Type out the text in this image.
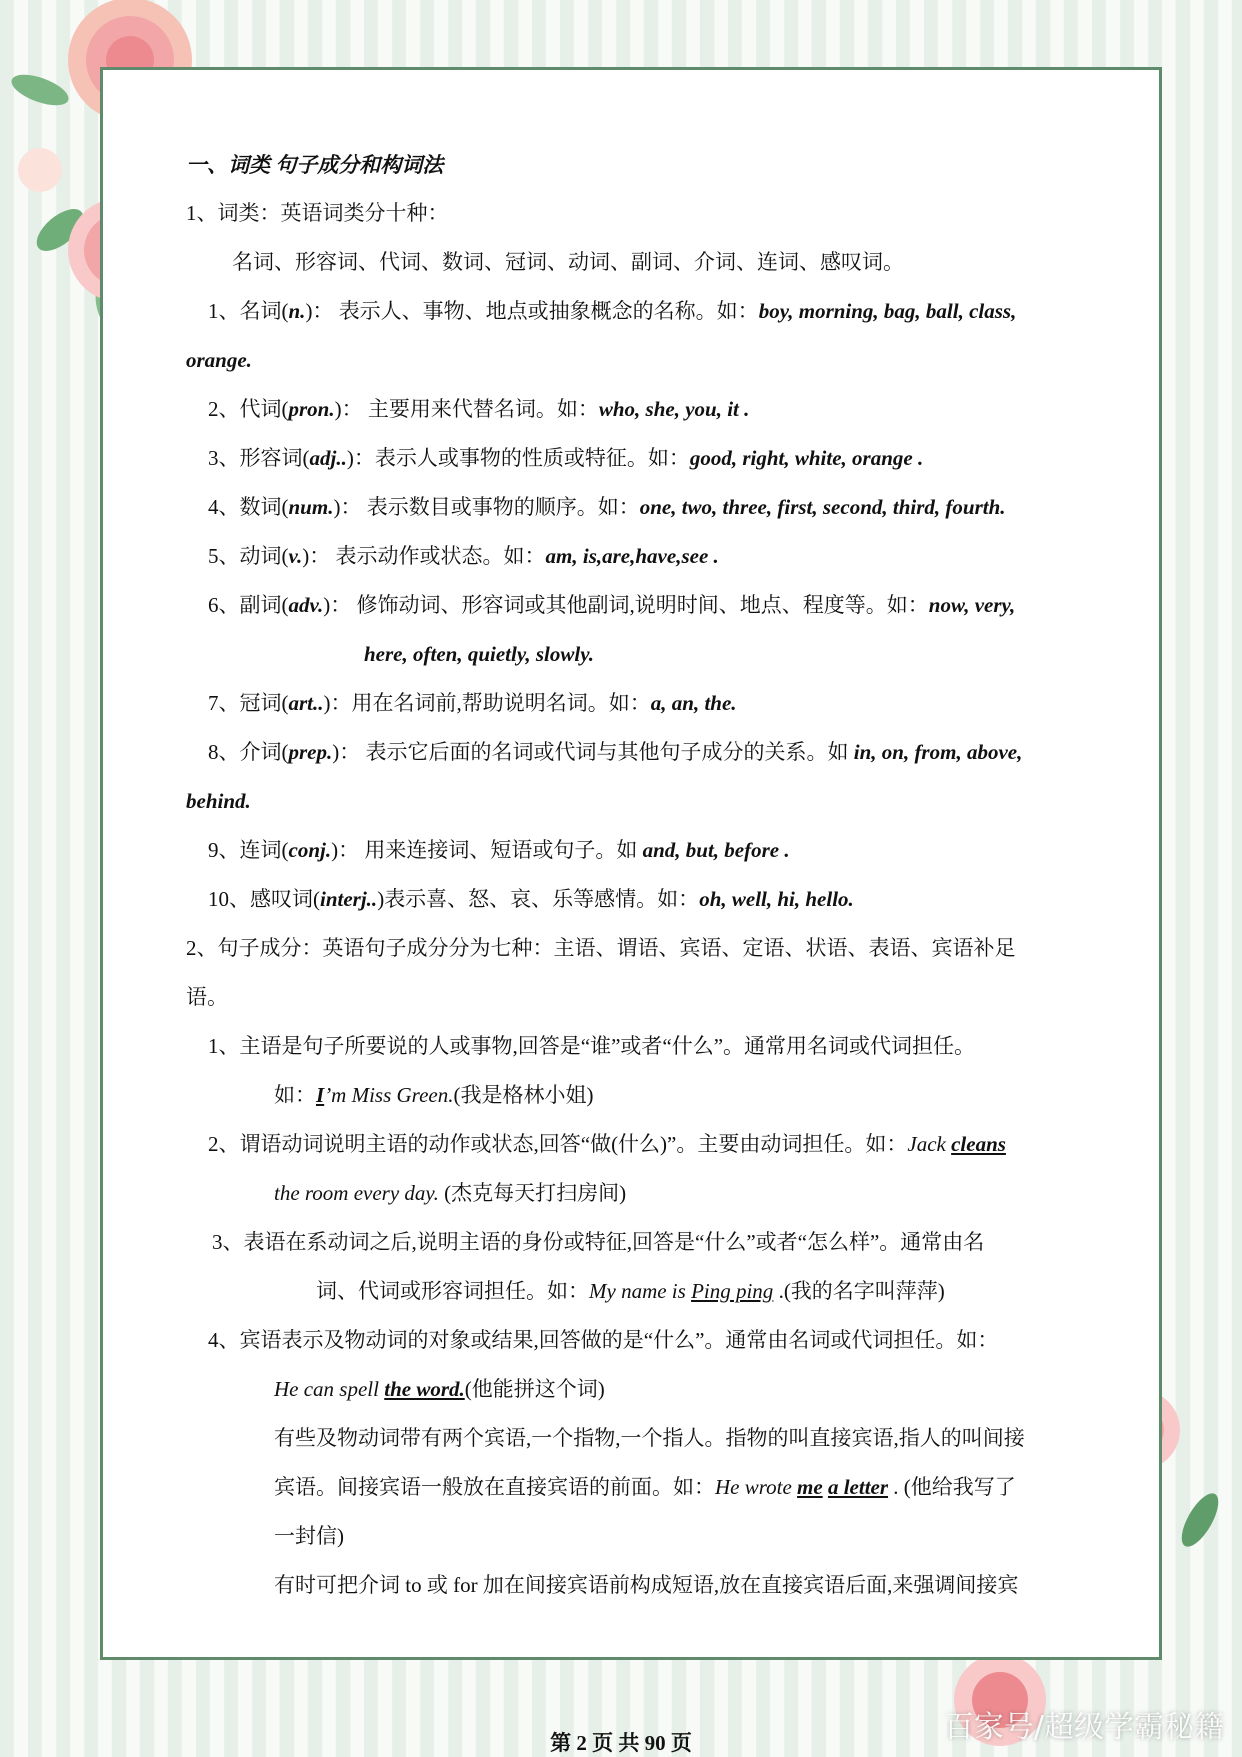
一、词类 句子成分和构词法
1、词类：英语词类分十种：
名词、形容词、代词、数词、冠词、动词、副词、介词、连词、感叹词。
1、名词(n.)： 表示人、事物、地点或抽象概念的名称。如：boy, morning, bag, ball, class,
orange.
2、代词(pron.)： 主要用来代替名词。如：who, she, you, it .
3、形容词(adj..)：表示人或事物的性质或特征。如：good, right, white, orange .
4、数词(num.)： 表示数目或事物的顺序。如：one, two, three, first, second, third, fourth.
5、动词(v.)： 表示动作或状态。如：am, is,are,have,see .
6、副词(adv.)： 修饰动词、形容词或其他副词,说明时间、地点、程度等。如：now, very,
here, often, quietly, slowly.
7、冠词(art..)：用在名词前,帮助说明名词。如：a, an, the.
8、介词(prep.)： 表示它后面的名词或代词与其他句子成分的关系。如 in, on, from, above,
behind.
9、连词(conj.)： 用来连接词、短语或句子。如 and, but, before .
10、感叹词(interj..)表示喜、怒、哀、乐等感情。如：oh, well, hi, hello.
2、句子成分：英语句子成分分为七种：主语、谓语、宾语、定语、状语、表语、宾语补足
语。
1、主语是句子所要说的人或事物,回答是“谁”或者“什么”。通常用名词或代词担任。
如：I’m Miss Green.(我是格林小姐)
2、谓语动词说明主语的动作或状态,回答“做(什么)”。主要由动词担任。如：Jack cleans
the room every day. (杰克每天打扫房间)
3、表语在系动词之后,说明主语的身份或特征,回答是“什么”或者“怎么样”。通常由名
词、代词或形容词担任。如：My name is Ping ping .(我的名字叫萍萍)
4、宾语表示及物动词的对象或结果,回答做的是“什么”。通常由名词或代词担任。如：
He can spell the word.(他能拼这个词)
有些及物动词带有两个宾语,一个指物,一个指人。指物的叫直接宾语,指人的叫间接
宾语。间接宾语一般放在直接宾语的前面。如：He wrote me a letter . (他给我写了
一封信)
有时可把介词 to 或 for 加在间接宾语前构成短语,放在直接宾语后面,来强调间接宾
第 2 页 共 90 页	百家号/超级学霸秘籍
